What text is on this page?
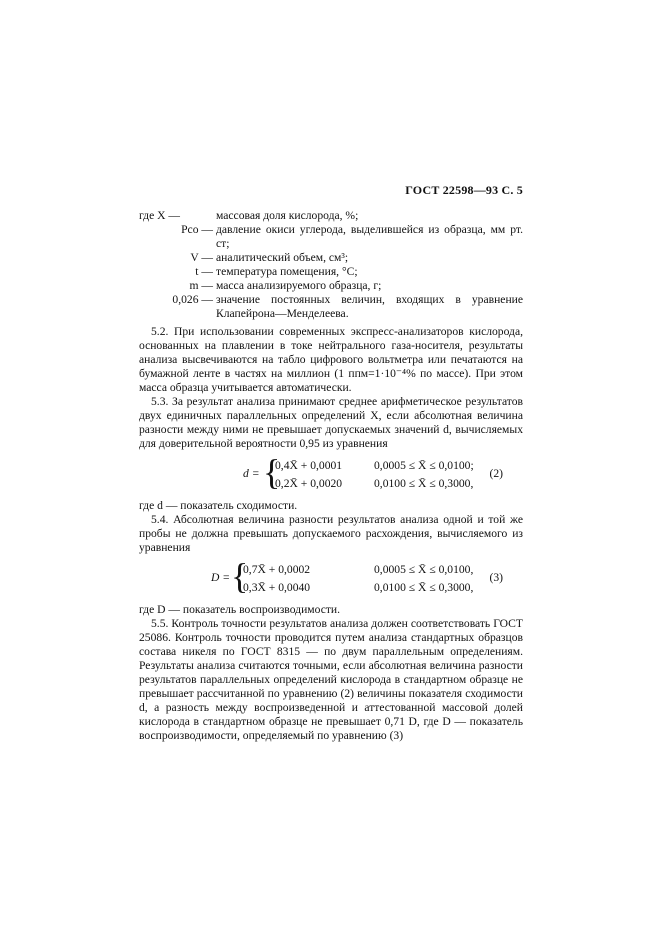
ГОСТ 22598—93 С. 5
где X —	массовая доля кислорода, %;
Pco — давление окиси углерода, выделившейся из образца, мм рт. ст;
V — аналитический объем, см³;
t — температура помещения, °С;
m — масса анализируемого образца, г;
0,026 — значение постоянных величин, входящих в уравнение Клапейрона—Менделеева.

5.2. При использовании современных экспресс-анализаторов кислорода, основанных на плавлении в токе нейтрального газа-носителя, результаты анализа высвечиваются на табло цифрового вольтметра или печатаются на бумажной ленте в частях на миллион (1 ппм=1·10⁻⁴% по массе). При этом масса образца учитывается автоматически.

5.3. За результат анализа принимают среднее арифметическое результатов двух единичных параллельных определений X, если абсолютная величина разности между ними не превышает допускаемых значений d, вычисляемых для доверительной вероятности 0,95 из уравнения

d = {
0,4X̄ + 0,0001	0,0005 ≤ X̄ ≤ 0,0100;
0,2X̄ + 0,0020	0,0100 ≤ X̄ ≤ 0,3000,
(2)

где d — показатель сходимости.

5.4. Абсолютная величина разности результатов анализа одной и той же пробы не должна превышать допускаемого расхождения, вычисляемого из уравнения

D = {
0,7X̄ + 0,0002	0,0005 ≤ X̄ ≤ 0,0100,
0,3X̄ + 0,0040	0,0100 ≤ X̄ ≤ 0,3000,
(3)

где D — показатель воспроизводимости.

5.5. Контроль точности результатов анализа должен соответствовать ГОСТ 25086. Контроль точности проводится путем анализа стандартных образцов состава никеля по ГОСТ 8315 — по двум параллельным определениям. Результаты анализа считаются точными, если абсолютная величина разности результатов параллельных определений кислорода в стандартном образце не превышает рассчитанной по уравнению (2) величины показателя сходимости d, а разность между воспроизведенной и аттестованной массовой долей кислорода в стандартном образце не превышает 0,71 D, где D — показатель воспроизводимости, определяемый по уравнению (3)
